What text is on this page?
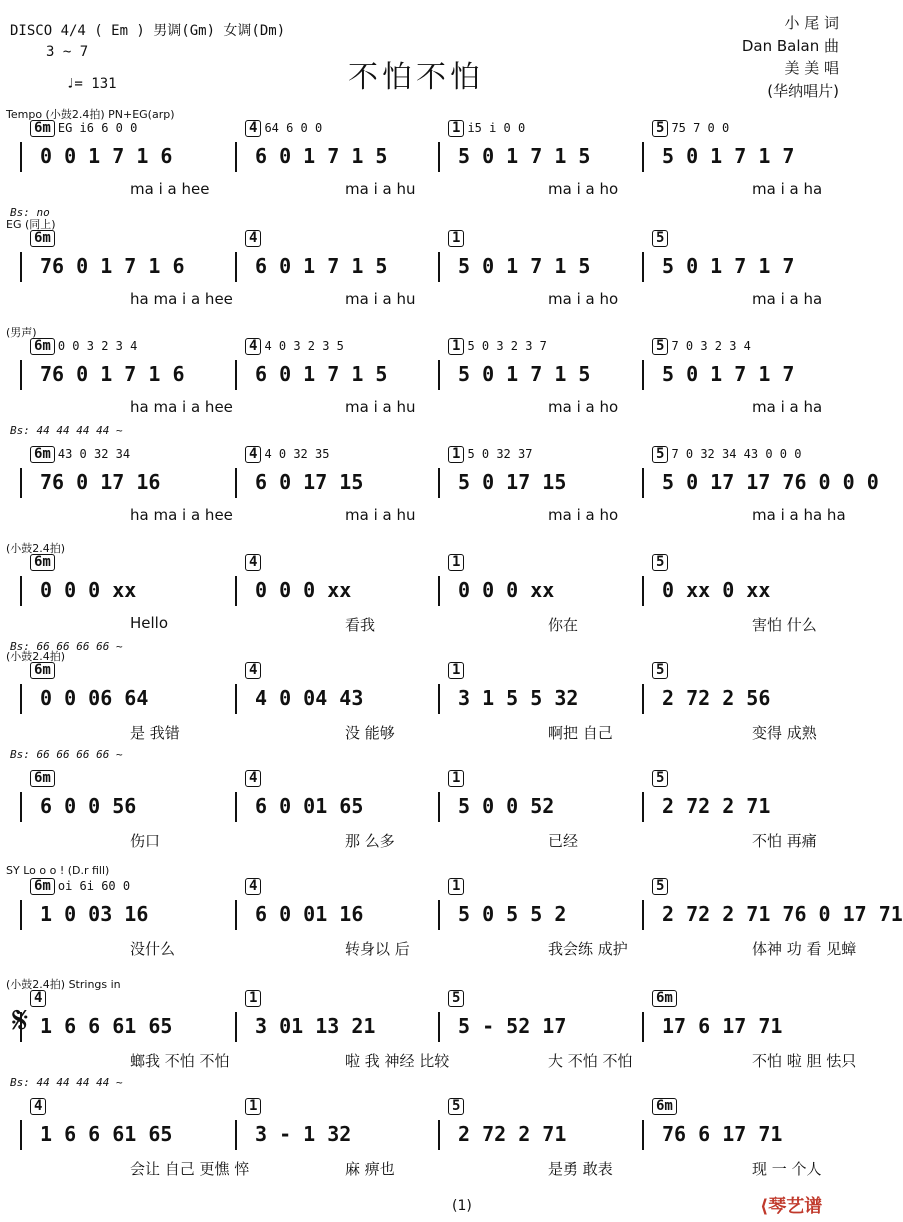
DISCO 4/4 ( Em ) 男调(Gm) 女调(Dm)
3 ~ 7
♩= 131	不怕不怕
小 尾 词
Dan Balan 曲
美 美 唱
(华纳唱片)
Tempo (小鼓2.4拍) PN+EG(arp)
6m EG i6 6 0 0	4 64 6 0 0	1 i5 i 0 0	5 75 7 0 0
0 0 1 7 1 6	6 0 1 7 1 5	5 0 1 7 1 5	5 0 1 7 1 7
ma i a hee	ma i a hu	ma i a ho	ma i a ha
Bs: no
EG (同上)
6m	4	1	5
76 0 1 7 1 6	6 0 1 7 1 5	5 0 1 7 1 5	5 0 1 7 1 7
ha ma i a hee	ma i a hu	ma i a ho	ma i a ha
(男声)
6m 0 0 3 2 3 4	4 4 0 3 2 3 5	1 5 0 3 2 3 7	5 7 0 3 2 3 4
76 0 1 7 1 6	6 0 1 7 1 5	5 0 1 7 1 5	5 0 1 7 1 7
ha ma i a hee	ma i a hu	ma i a ho	ma i a ha
Bs: 44 44 44 44 ~
6m 43 0 32 34	4 4 0 32 35	1 5 0 32 37	5 7 0 32 34 43 0 0 0
76 0 17 16	6 0 17 15	5 0 17 15	5 0 17 17 76 0 0 0
ha ma i a hee	ma i a hu	ma i a ho	ma i a ha ha
(小鼓2.4拍)
6m	4	1	5
0 0 0 xx	0 0 0 xx	0 0 0 xx	0 xx 0 xx
Hello	看我	你在	害怕 什么
Bs: 66 66 66 66 ~
(小鼓2.4拍)
6m	4	1	5
0 0 06 64	4 0 04 43	3 1 5 5 32	2 72 2 56
是 我错	没 能够	啊把 自己	变得 成熟
Bs: 66 66 66 66 ~
6m	4	1	5
6 0 0 56	6 0 01 65	5 0 0 52	2 72 2 71
伤口	那 么多	已经	不怕 再痛
SY Lo o o ! (D.r fill)
6m oi 6i 60 0	4	1	5
1 0 03 16	6 0 01 16	5 0 5 5 2	2 72 2 71 76 0 17 71
没什么	转身以 后	我会练 成护	体神 功 看 见蟑
(小鼓2.4拍) Strings in
4	1	5	6m
1 6 6 61 65	3 01 13 21	5 - 52 17	17 6 17 71
螂我 不怕 不怕	啦 我 神经 比较	大 不怕 不怕	不怕 啦 胆 怯只
Bs: 44 44 44 44 ~
4	1	5	6m
1 6 6 61 65	3 - 1 32	2 72 2 71	76 6 17 71
会让 自己 更憔 悴	麻 痹也	是勇 敢表	现 一 个人
𝄋
(1)	⟨琴艺谱
